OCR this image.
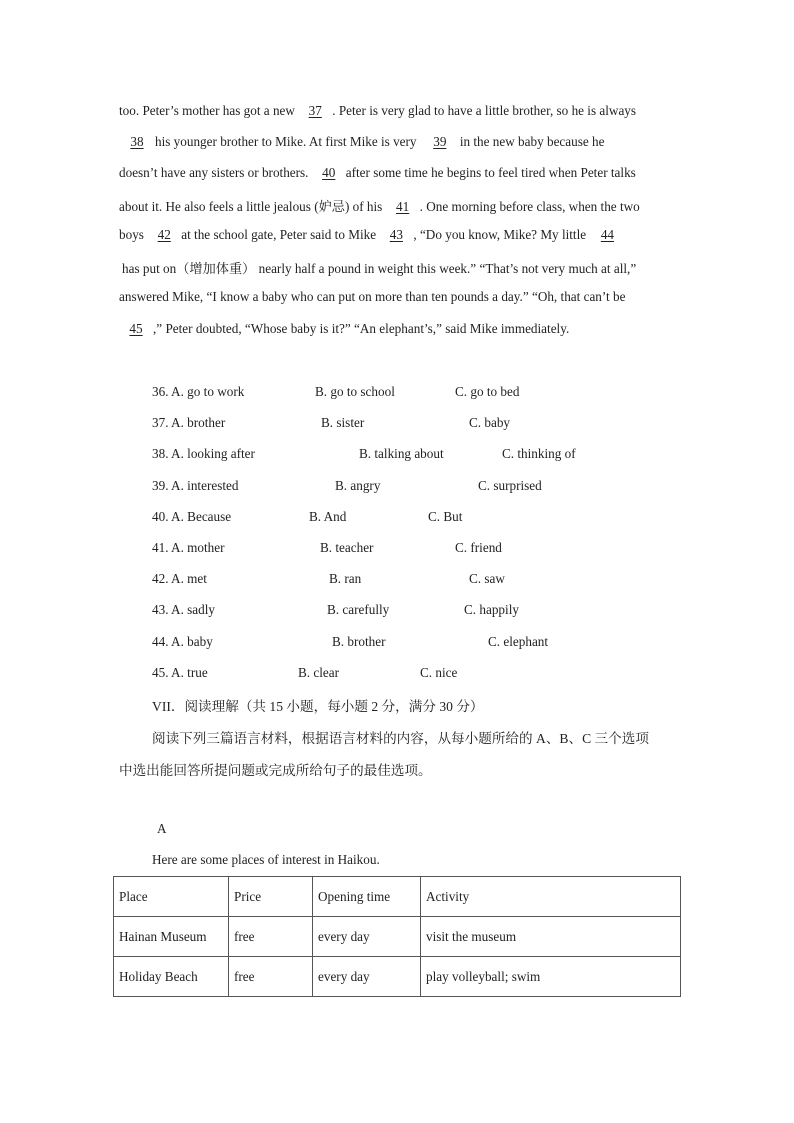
too. Peter’s mother has got a new 37 . Peter is very glad to have a little brother, so he is always
38 his younger brother to Mike. At first Mike is very 39 in the new baby because he
doesn’t have any sisters or brothers. 40 after some time he begins to feel tired when Peter talks
about it. He also feels a little jealous (妒忌) of his 41 . One morning before class, when the two
boys 42 at the school gate, Peter said to Mike 43 , “Do you know, Mike? My little 44
has put on（增加体重） nearly half a pound in weight this week.” “That’s not very much at all,”
answered Mike, “I know a baby who can put on more than ten pounds a day.” “Oh, that can’t be
45 ,” Peter doubted, “Whose baby is it?” “An elephant’s,” said Mike immediately.
36. A. go to work	B. go to school	C. go to bed
37. A. brother	B. sister	C. baby
38. A. looking after	B. talking about	C. thinking of
39. A. interested	B. angry	C. surprised
40. A. Because	B. And	C. But
41. A. mother	B. teacher	C. friend
42. A. met	B. ran	C. saw
43. A. sadly	B. carefully	C. happily
44. A. baby	B. brother	C. elephant
45. A. true	B. clear	C. nice
VII．阅读理解（共 15 小题，每小题 2 分，满分 30 分）
阅读下列三篇语言材料，根据语言材料的内容，从每小题所给的 A、B、C 三个选项
中选出能回答所提问题或完成所给句子的最佳选项。
A
Here are some places of interest in Haikou.
Place	Price	Opening time	Activity
Hainan Museum	free	every day	visit the museum
Holiday Beach	free	every day	play volleyball; swim
